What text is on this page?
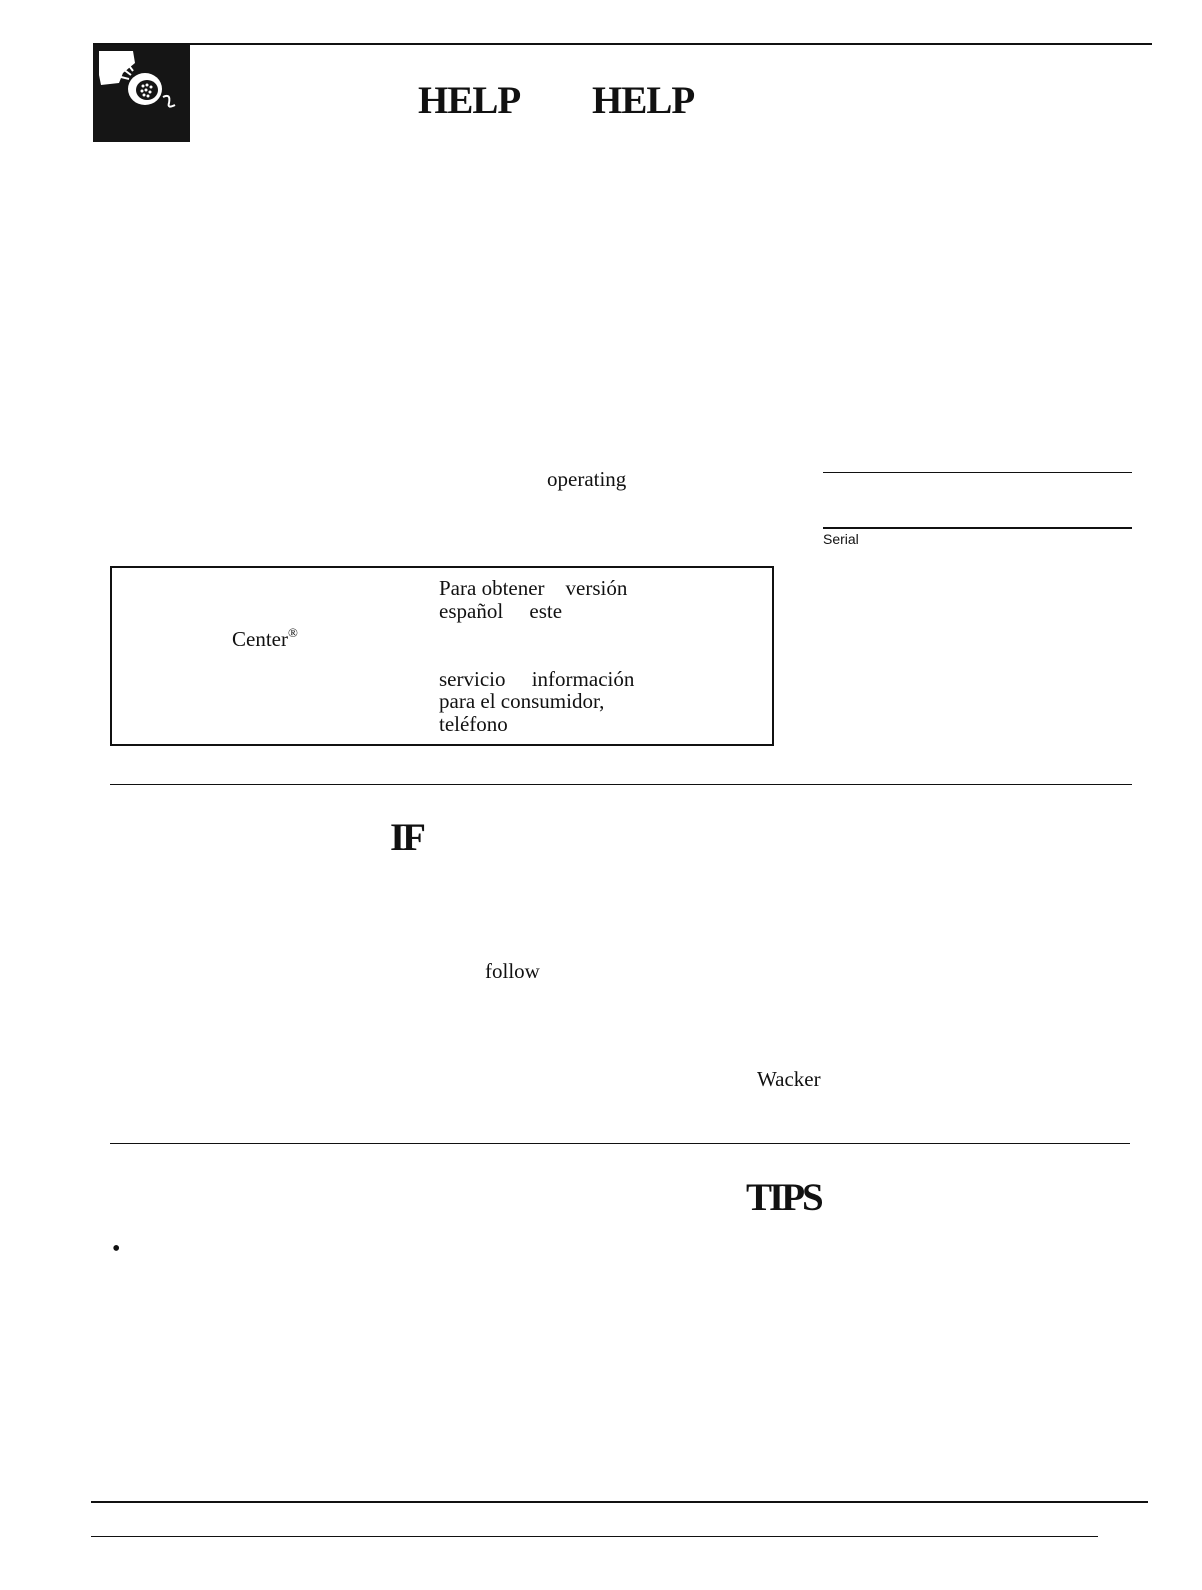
HELP HELP
operating
Serial
Center®
Para obtener    versión
español     este
servicio     información
para el consumidor,
teléfono
IF
follow
Wacker
TIPS
•
